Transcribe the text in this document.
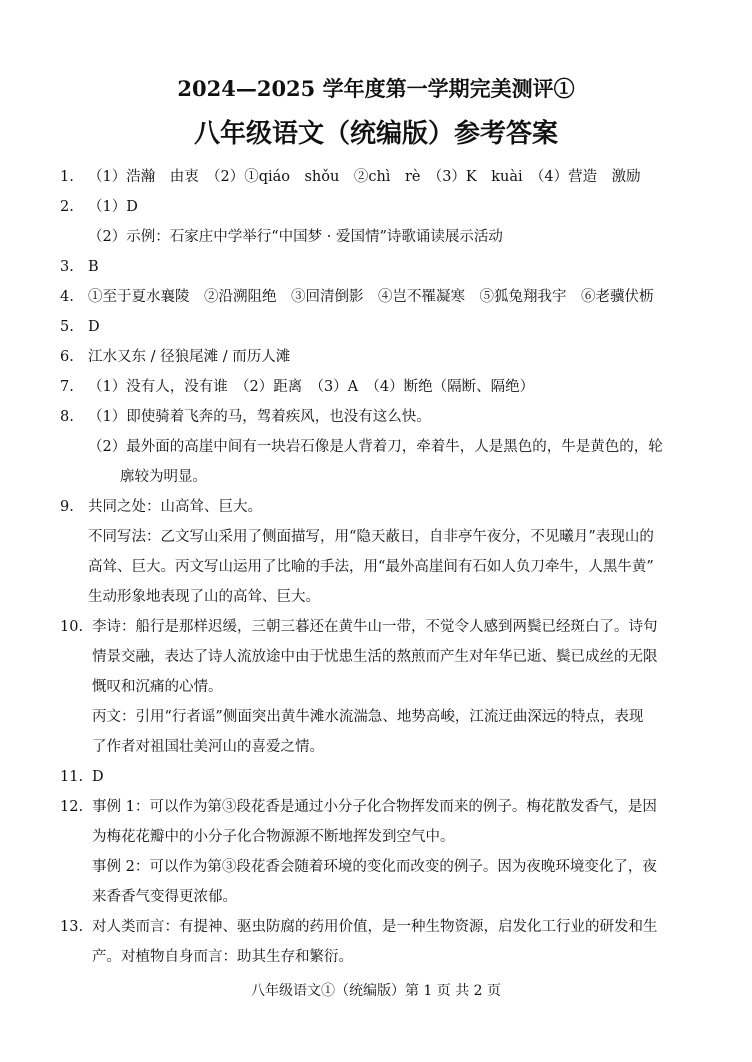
2024—2025 学年度第一学期完美测评①
八年级语文（统编版）参考答案
1. （1）浩瀚　由衷　（2）①qiáo　shǒu　②chì　rè　（3）K　kuài　（4）营造　激励
2. （1）D
（2）示例：石家庄中学举行“中国梦 · 爱国情”诗歌诵读展示活动
3. B
4. ①至于夏水襄陵　②沿溯阻绝　③回清倒影　④岂不罹凝寒　⑤狐兔翔我宇　⑥老骥伏枥
5. D
6. 江水又东 / 径狼尾滩 / 而历人滩
7. （1）没有人，没有谁　（2）距离　（3）A　（4）断绝（隔断、隔绝）
8. （1）即使骑着飞奔的马，驾着疾风，也没有这么快。
（2）最外面的高崖中间有一块岩石像是人背着刀，牵着牛，人是黑色的，牛是黄色的，轮
廓较为明显。
9. 共同之处：山高耸、巨大。
不同写法：乙文写山采用了侧面描写，用“隐天蔽日，自非亭午夜分，不见曦月”表现山的
高耸、巨大。丙文写山运用了比喻的手法，用“最外高崖间有石如人负刀牵牛，人黑牛黄”
生动形象地表现了山的高耸、巨大。
10. 李诗：船行是那样迟缓，三朝三暮还在黄牛山一带，不觉令人感到两鬓已经斑白了。诗句
情景交融，表达了诗人流放途中由于忧患生活的熬煎而产生对年华已逝、鬓已成丝的无限
慨叹和沉痛的心情。
丙文：引用“行者谣”侧面突出黄牛滩水流湍急、地势高峻，江流迂曲深远的特点，表现
了作者对祖国壮美河山的喜爱之情。
11. D
12. 事例 1：可以作为第③段花香是通过小分子化合物挥发而来的例子。梅花散发香气，是因
为梅花花瓣中的小分子化合物源源不断地挥发到空气中。
事例 2：可以作为第③段花香会随着环境的变化而改变的例子。因为夜晚环境变化了，夜
来香香气变得更浓郁。
13. 对人类而言：有提神、驱虫防腐的药用价值，是一种生物资源，启发化工行业的研发和生
产。对植物自身而言：助其生存和繁衍。
八年级语文①（统编版）第 1 页 共 2 页
